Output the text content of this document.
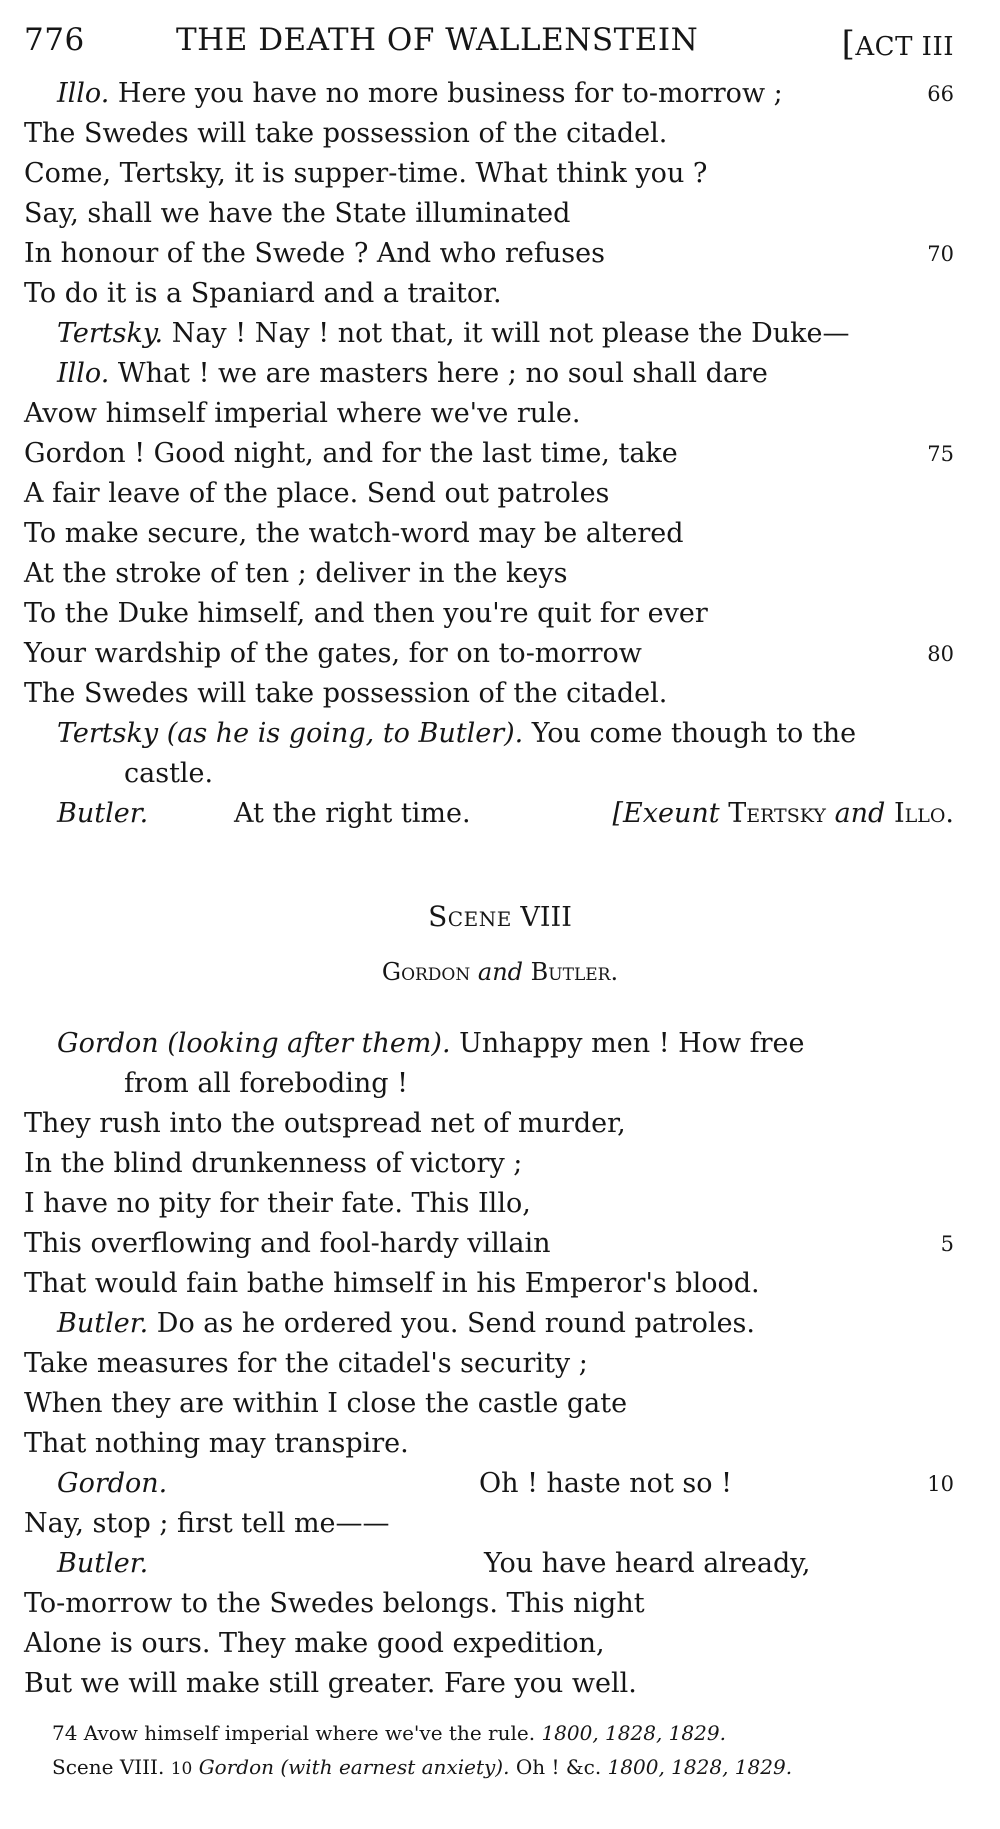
776	THE DEATH OF WALLENSTEIN	[ACT III
Illo. Here you have no more business for to-morrow ;	66
The Swedes will take possession of the citadel.
Come, Tertsky, it is supper-time. What think you ?
Say, shall we have the State illuminated
In honour of the Swede ? And who refuses	70
To do it is a Spaniard and a traitor.
Tertsky. Nay ! Nay ! not that, it will not please the Duke—
Illo. What ! we are masters here ; no soul shall dare
Avow himself imperial where we've rule.
Gordon ! Good night, and for the last time, take	75
A fair leave of the place. Send out patroles
To make secure, the watch-word may be altered
At the stroke of ten ; deliver in the keys
To the Duke himself, and then you're quit for ever
Your wardship of the gates, for on to-morrow	80
The Swedes will take possession of the citadel.
Tertsky (as he is going, to Butler). You come though to the
castle.
Butler.	At the right time.	[Exeunt Tertsky and Illo.
Scene VIII
Gordon and Butler.
Gordon (looking after them). Unhappy men ! How free
from all foreboding !
They rush into the outspread net of murder,
In the blind drunkenness of victory ;
I have no pity for their fate. This Illo,
This overflowing and fool-hardy villain	5
That would fain bathe himself in his Emperor's blood.
Butler. Do as he ordered you. Send round patroles.
Take measures for the citadel's security ;
When they are within I close the castle gate
That nothing may transpire.
Gordon.	Oh ! haste not so !	10
Nay, stop ; first tell me——
Butler.	You have heard already,
To-morrow to the Swedes belongs. This night
Alone is ours. They make good expedition,
But we will make still greater. Fare you well.
74 Avow himself imperial where we've the rule. 1800, 1828, 1829.
Scene VIII. 10 Gordon (with earnest anxiety). Oh ! &c. 1800, 1828, 1829.
